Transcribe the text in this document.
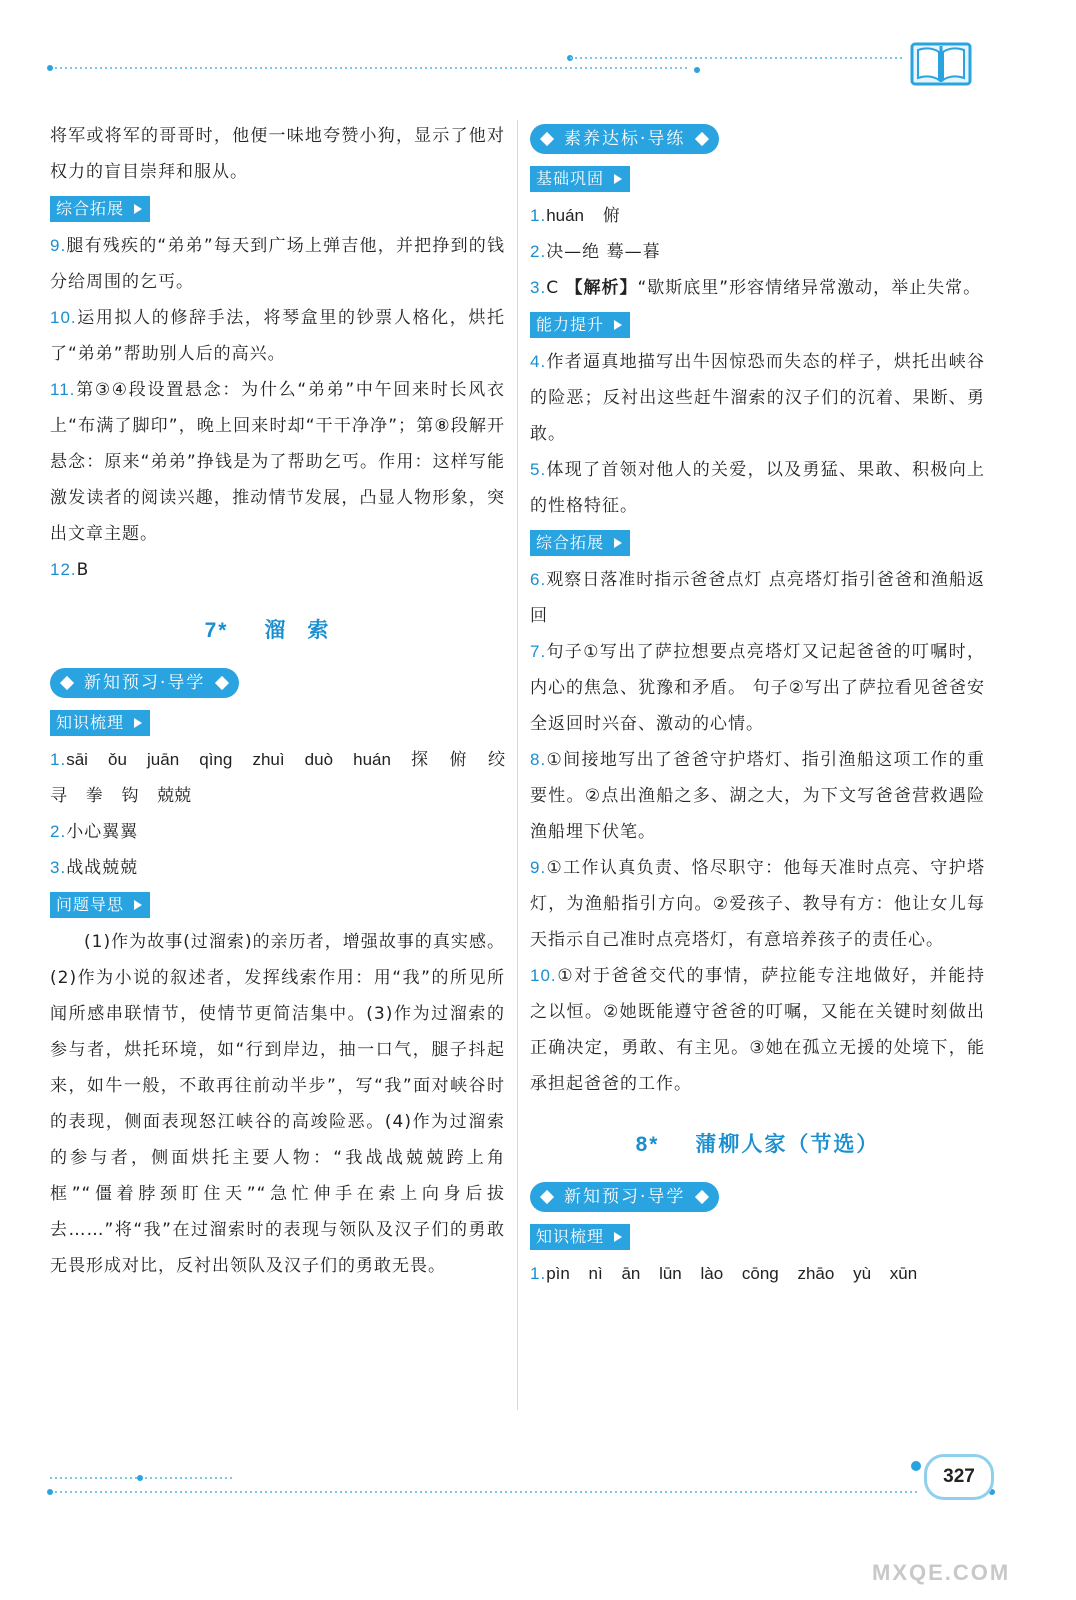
将军或将军的哥哥时，他便一味地夸赞小狗，显示了他对权力的盲目崇拜和服从。

综合拓展

9.腿有残疾的“弟弟”每天到广场上弹吉他，并把挣到的钱分给周围的乞丐。

10.运用拟人的修辞手法，将琴盒里的钞票人格化，烘托了“弟弟”帮助别人后的高兴。

11.第③④段设置悬念：为什么“弟弟”中午回来时长风衣上“布满了脚印”，晚上回来时却“干干净净”；第⑧段解开悬念：原来“弟弟”挣钱是为了帮助乞丐。作用：这样写能激发读者的阅读兴趣，推动情节发展，凸显人物形象，突出文章主题。

12.B

7* 溜索
新知预习·导学
知识梳理

1.sāi ǒu juān qìng zhuì duò huán 探 俯 绞 寻 拳 钩 兢兢

2.小心翼翼

3.战战兢兢

问题导思

(1)作为故事(过溜索)的亲历者，增强故事的真实感。(2)作为小说的叙述者，发挥线索作用：用“我”的所见所闻所感串联情节，使情节更简洁集中。(3)作为过溜索的参与者，烘托环境，如“行到岸边，抽一口气，腿子抖起来，如牛一般，不敢再往前动半步”，写“我”面对峡谷时的表现，侧面表现怒江峡谷的高竣险恶。(4)作为过溜索的参与者，侧面烘托主要人物：“我战战兢兢跨上角框”“僵着脖颈盯住天”“急忙伸手在索上向身后拔去……”将“我”在过溜索时的表现与领队及汉子们的勇敢无畏形成对比，反衬出领队及汉子们的勇敢无畏。

素养达标·导练
基础巩固

1.huán 俯

2.决—绝 蓦—暮

3.C 【解析】“歇斯底里”形容情绪异常激动，举止失常。

能力提升

4.作者逼真地描写出牛因惊恐而失态的样子，烘托出峡谷的险恶；反衬出这些赶牛溜索的汉子们的沉着、果断、勇敢。

5.体现了首领对他人的关爱，以及勇猛、果敢、积极向上的性格特征。

综合拓展

6.观察日落准时指示爸爸点灯 点亮塔灯指引爸爸和渔船返回

7.句子①写出了萨拉想要点亮塔灯又记起爸爸的叮嘱时，内心的焦急、犹豫和矛盾。 句子②写出了萨拉看见爸爸安全返回时兴奋、激动的心情。

8.①间接地写出了爸爸守护塔灯、指引渔船这项工作的重要性。②点出渔船之多、湖之大，为下文写爸爸营救遇险渔船埋下伏笔。

9.①工作认真负责、恪尽职守：他每天准时点亮、守护塔灯，为渔船指引方向。②爱孩子、教导有方：他让女儿每天指示自己准时点亮塔灯，有意培养孩子的责任心。

10.①对于爸爸交代的事情，萨拉能专注地做好，并能持之以恒。②她既能遵守爸爸的叮嘱，又能在关键时刻做出正确决定，勇敢、有主见。③她在孤立无援的处境下，能承担起爸爸的工作。

8* 蒲柳人家（节选）
新知预习·导学
知识梳理

1.pìn nì ān lūn lào cōng zhāo yù xūn

327
MXQE.COM
